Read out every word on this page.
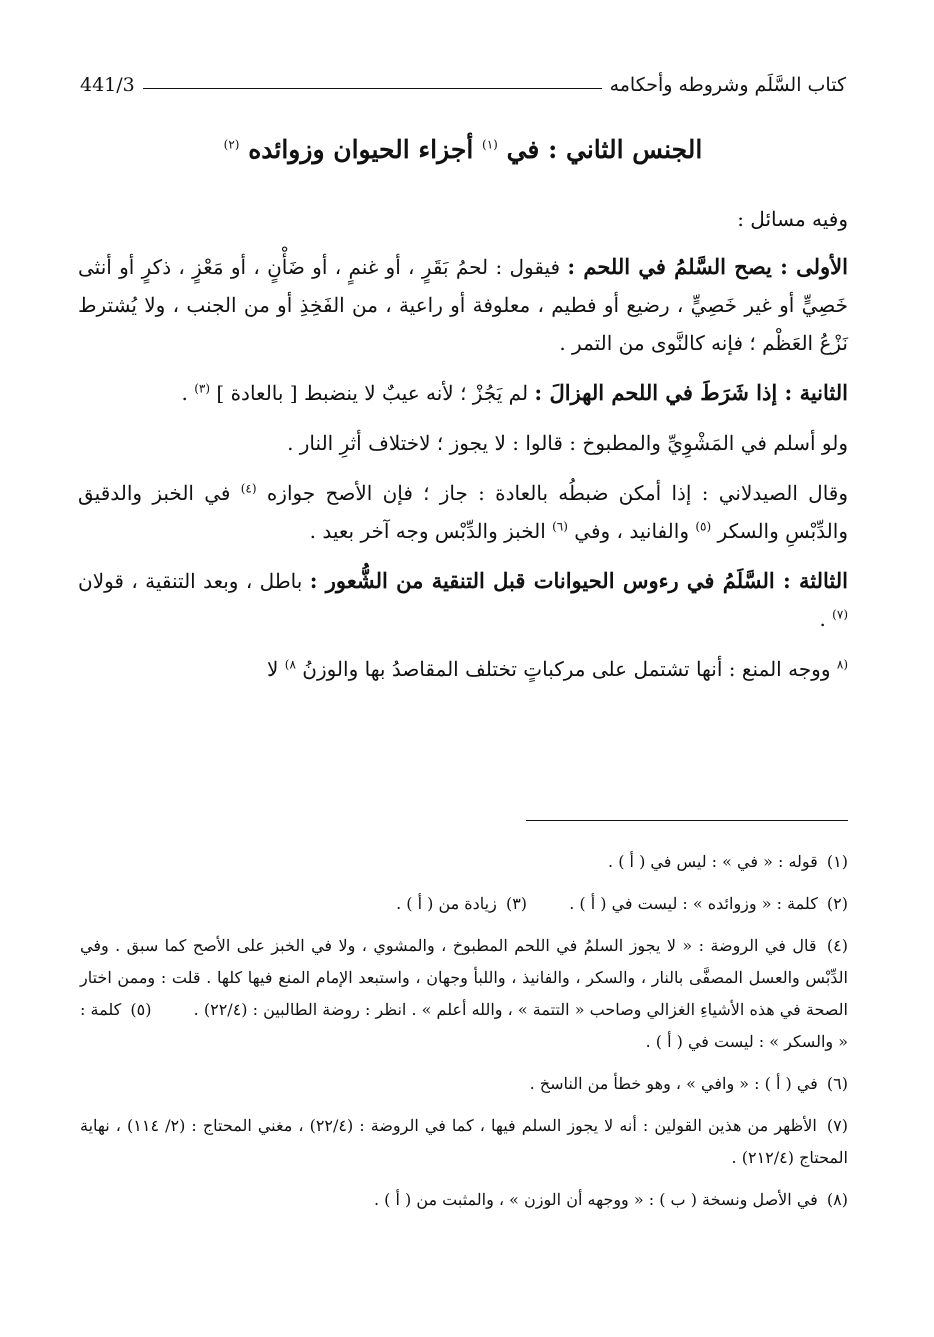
كتاب السَّلَم وشروطه وأحكامه
441/3
الجنس الثاني : في $^{(١)}$ أجزاء الحيوان وزوائده $^{(٢)}$

وفيه مسائل :

الأولى : يصح السَّلمُ في اللحم : فيقول : لحمُ بَقَرٍ ، أو غنمٍ ، أو ضَأْنٍ ، أو مَعْزٍ ، ذكرٍ أو أنثى خَصِيٍّ أو غير خَصِيٍّ ، رضيع أو فطيم ، معلوفة أو راعية ، من الفَخِذِ أو من الجنب ، ولا يُشترط نَزْعُ العَظْم ؛ فإنه كالنَّوى من التمر .

الثانية : إذا شَرَطَ في اللحم الهزالَ : لم يَجُزْ ؛ لأنه عيبٌ لا ينضبط [ بالعادة ] $^{(٣)}$ .

ولو أسلم في المَشْوِيِّ والمطبوخ : قالوا : لا يجوز ؛ لاختلاف أثرِ النار .

وقال الصيدلاني : إذا أمكن ضبطُه بالعادة : جاز ؛ فإن الأصح جوازه $^{(٤)}$ في الخبز والدقيق والدِّبْسِ والسكر $^{(٥)}$ والفانيد ، وفي $^{(٦)}$ الخبز والدِّبْس وجه آخر بعيد .

الثالثة : السَّلَمُ في رءوس الحيوانات قبل التنقية من الشُّعور : باطل ، وبعد التنقية ، قولان $^{(٧)}$ .

$^{(٨}$ ووجه المنع : أنها تشتمل على مركباتٍ تختلف المقاصدُ بها والوزنُ $^{٨)}$ لا

(١) قوله : « في » : ليس في ( أ ) .

(٢) كلمة : « وزوائده » : ليست في ( أ ) .  (٣) زيادة من ( أ ) .

(٤) قال في الروضة : « لا يجوز السلمُ في اللحم المطبوخ ، والمشوي ، ولا في الخبز على الأصح كما سبق . وفي الدِّبْس والعسل المصفَّى بالنار ، والسكر ، والفانيذ ، واللبأ وجهان ، واستبعد الإمام المنع فيها كلها . قلت : وممن اختار الصحة في هذه الأشياءِ الغزالي وصاحب « التتمة » ، والله أعلم » . انظر : روضة الطالبين : (٢٢/٤) .  (٥) كلمة : « والسكر » : ليست في ( أ ) .

(٦) في ( أ ) : « وافي » ، وهو خطأ من الناسخ .

(٧) الأظهر من هذين القولين : أنه لا يجوز السلم فيها ، كما في الروضة : (٢٢/٤) ، مغني المحتاج : (٢/ ١١٤) ، نهاية المحتاج (٢١٢/٤) .

(٨) في الأصل ونسخة ( ب ) : « ووجهه أن الوزن » ، والمثبت من ( أ ) .
